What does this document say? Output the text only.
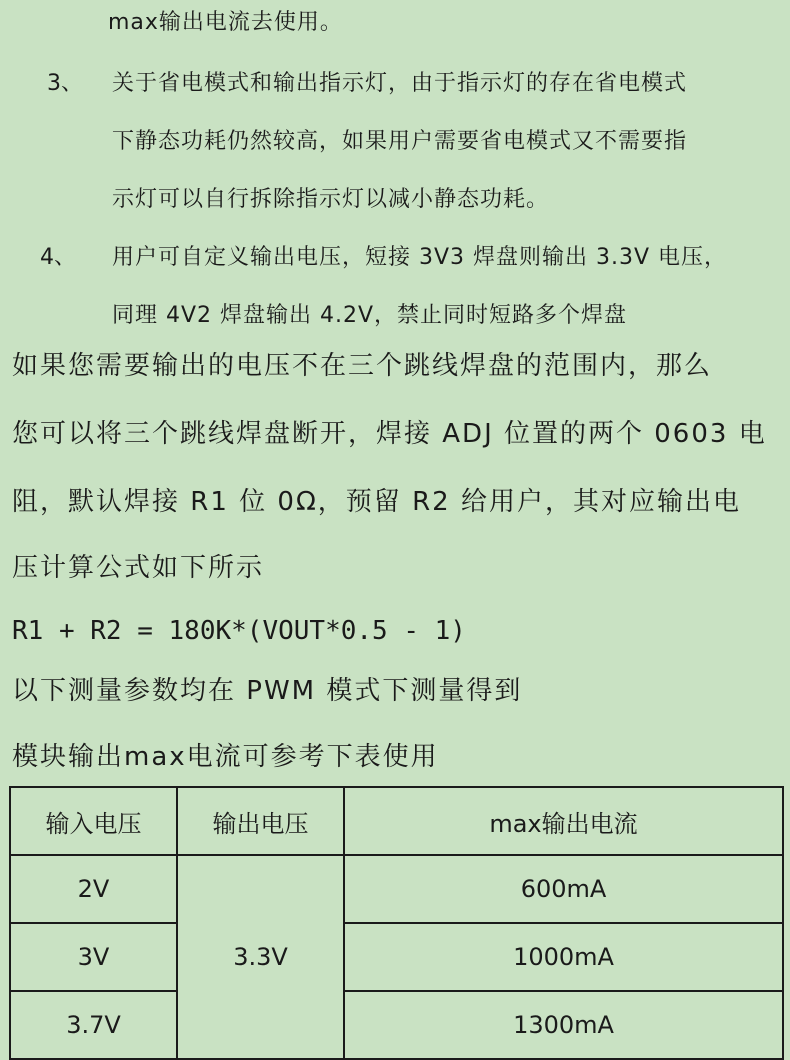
max输出电流去使用。
3、 关于省电模式和输出指示灯，由于指示灯的存在省电模式
下静态功耗仍然较高，如果用户需要省电模式又不需要指
示灯可以自行拆除指示灯以减小静态功耗。
4、 用户可自定义输出电压，短接 3V3 焊盘则输出 3.3V 电压，
同理 4V2 焊盘输出 4.2V，禁止同时短路多个焊盘
如果您需要输出的电压不在三个跳线焊盘的范围内，那么
您可以将三个跳线焊盘断开，焊接 ADJ 位置的两个 0603 电
阻，默认焊接 R1 位 0Ω，预留 R2 给用户，其对应输出电
压计算公式如下所示
R1 + R2 = 180K*(VOUT*0.5 - 1)
以下测量参数均在 PWM 模式下测量得到
模块输出max电流可参考下表使用
输入电压	输出电压	max输出电流
2V	3.3V	600mA
3V		1000mA
3.7V		1300mA
